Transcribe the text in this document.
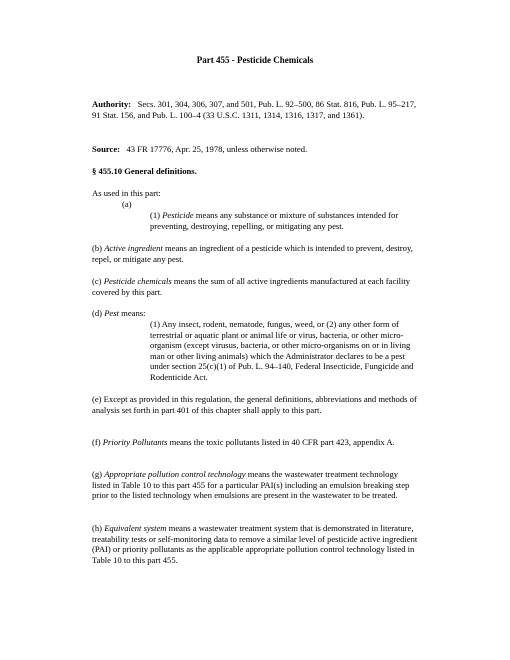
Part 455 - Pesticide Chemicals
Authority: Secs. 301, 304, 306, 307, and 501, Pub. L. 92–500, 86 Stat. 816, Pub. L. 95–217, 91 Stat. 156, and Pub. L. 100–4 (33 U.S.C. 1311, 1314, 1316, 1317, and 1361).
Source: 43 FR 17776, Apr. 25, 1978, unless otherwise noted.
§ 455.10 General definitions.
As used in this part:
(a)
(1) Pesticide means any substance or mixture of substances intended for preventing, destroying, repelling, or mitigating any pest.
(b) Active ingredient means an ingredient of a pesticide which is intended to prevent, destroy, repel, or mitigate any pest.
(c) Pesticide chemicals means the sum of all active ingredients manufactured at each facility covered by this part.
(d) Pest means:
(1) Any insect, rodent, nematode, fungus, weed, or (2) any other form of terrestrial or aquatic plant or animal life or virus, bacteria, or other micro-organism (except virusus, bacteria, or other micro-organisms on or in living man or other living animals) which the Administrator declares to be a pest under section 25(c)(1) of Pub. L. 94–140, Federal Insecticide, Fungicide and Rodenticide Act.
(e) Except as provided in this regulation, the general definitions, abbreviations and methods of analysis set forth in part 401 of this chapter shall apply to this part.
(f) Priority Pollutants means the toxic pollutants listed in 40 CFR part 423, appendix A.
(g) Appropriate pollution control technology means the wastewater treatment technology listed in Table 10 to this part 455 for a particular PAI(s) including an emulsion breaking step prior to the listed technology when emulsions are present in the wastewater to be treated.
(h) Equivalent system means a wastewater treatment system that is demonstrated in literature, treatability tests or self-monitoring data to remove a similar level of pesticide active ingredient (PAI) or priority pollutants as the applicable appropriate pollution control technology listed in Table 10 to this part 455.
